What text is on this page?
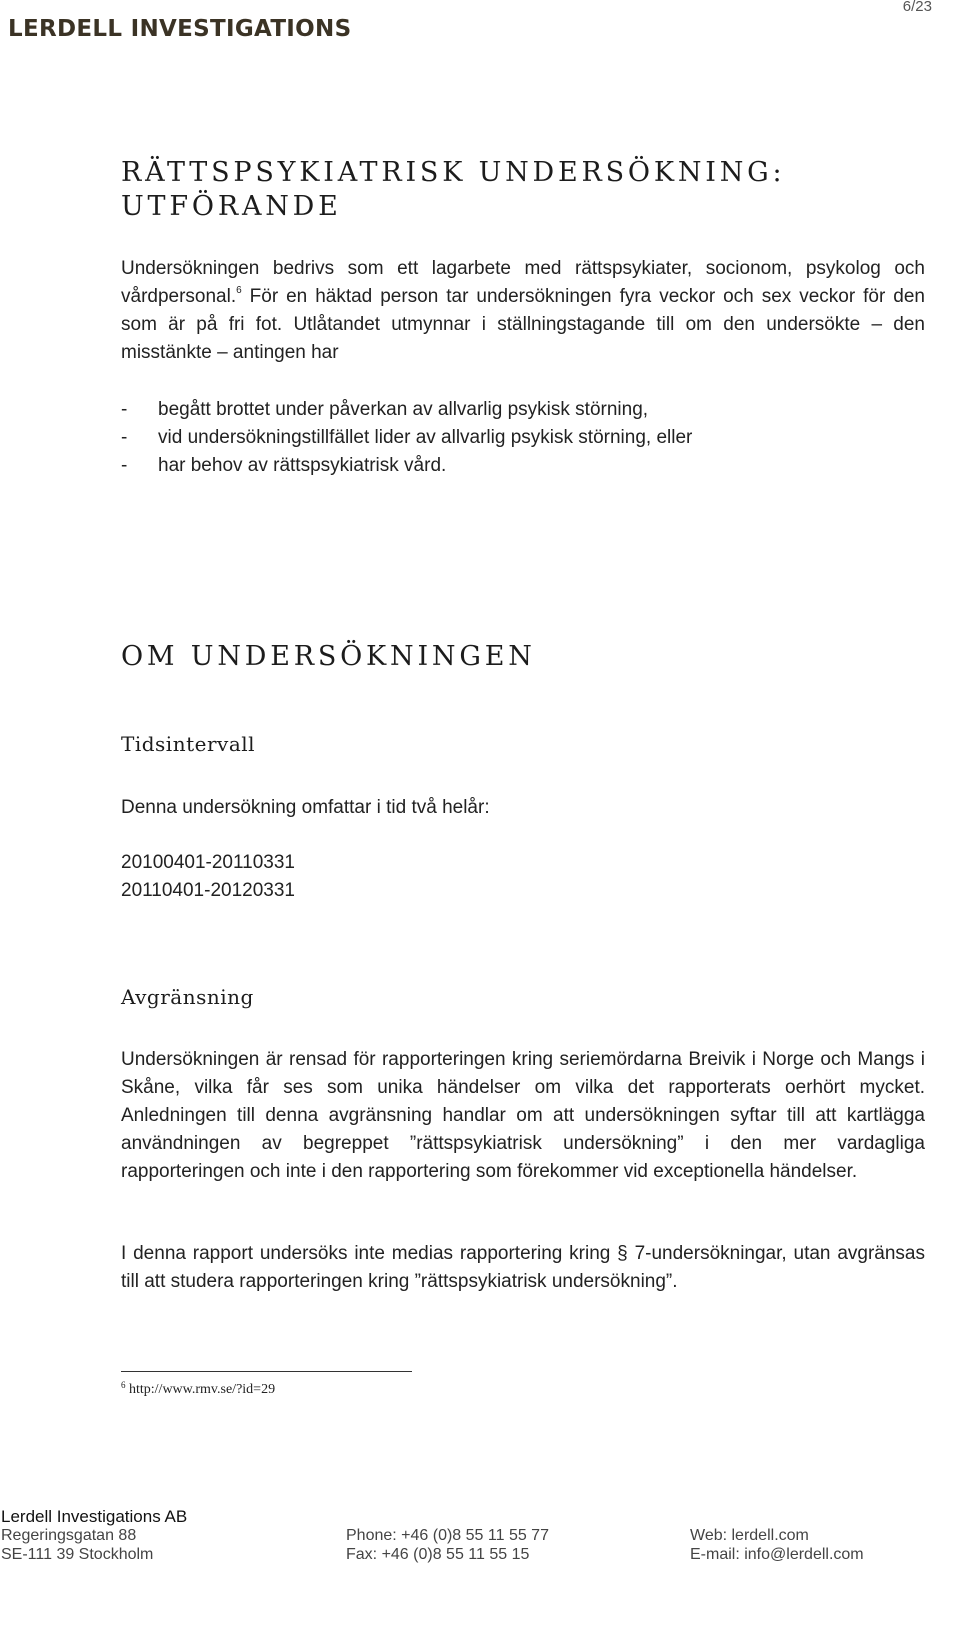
LERDELL INVESTIGATIONS
6/23
RÄTTSPSYKIATRISK UNDERSÖKNING:
UTFÖRANDE

Undersökningen bedrivs som ett lagarbete med rättspsykiater, socionom, psykolog och vårdpersonal.$^6$ För en häktad person tar undersökningen fyra veckor och sex veckor för den som är på fri fot. Utlåtandet utmynnar i ställningstagande till om den undersökte – den misstänkte – antingen har

- begått brottet under påverkan av allvarlig psykisk störning,
- vid undersökningstillfället lider av allvarlig psykisk störning, eller
- har behov av rättspsykiatrisk vård.
OM UNDERSÖKNINGEN
Tidsintervall

Denna undersökning omfattar i tid två helår:

20100401-20110331
20110401-20120331

Avgränsning

Undersökningen är rensad för rapporteringen kring seriemördarna Breivik i Norge och Mangs i Skåne, vilka får ses som unika händelser om vilka det rapporterats oerhört mycket. Anledningen till denna avgränsning handlar om att undersökningen syftar till att kartlägga användningen av begreppet ”rättspsykiatrisk undersökning” i den mer vardagliga rapporteringen och inte i den rapportering som förekommer vid exceptionella händelser.

I denna rapport undersöks inte medias rapportering kring § 7-undersökningar, utan avgränsas till att studera rapporteringen kring ”rättspsykiatrisk undersökning”.

$^6$ http://www.rmv.se/?id=29
Lerdell Investigations AB
Regeringsgatan 88
SE-111 39 Stockholm
Phone: +46 (0)8 55 11 55 77
Fax: +46 (0)8 55 11 55 15
Web: lerdell.com
E-mail: info@lerdell.com
